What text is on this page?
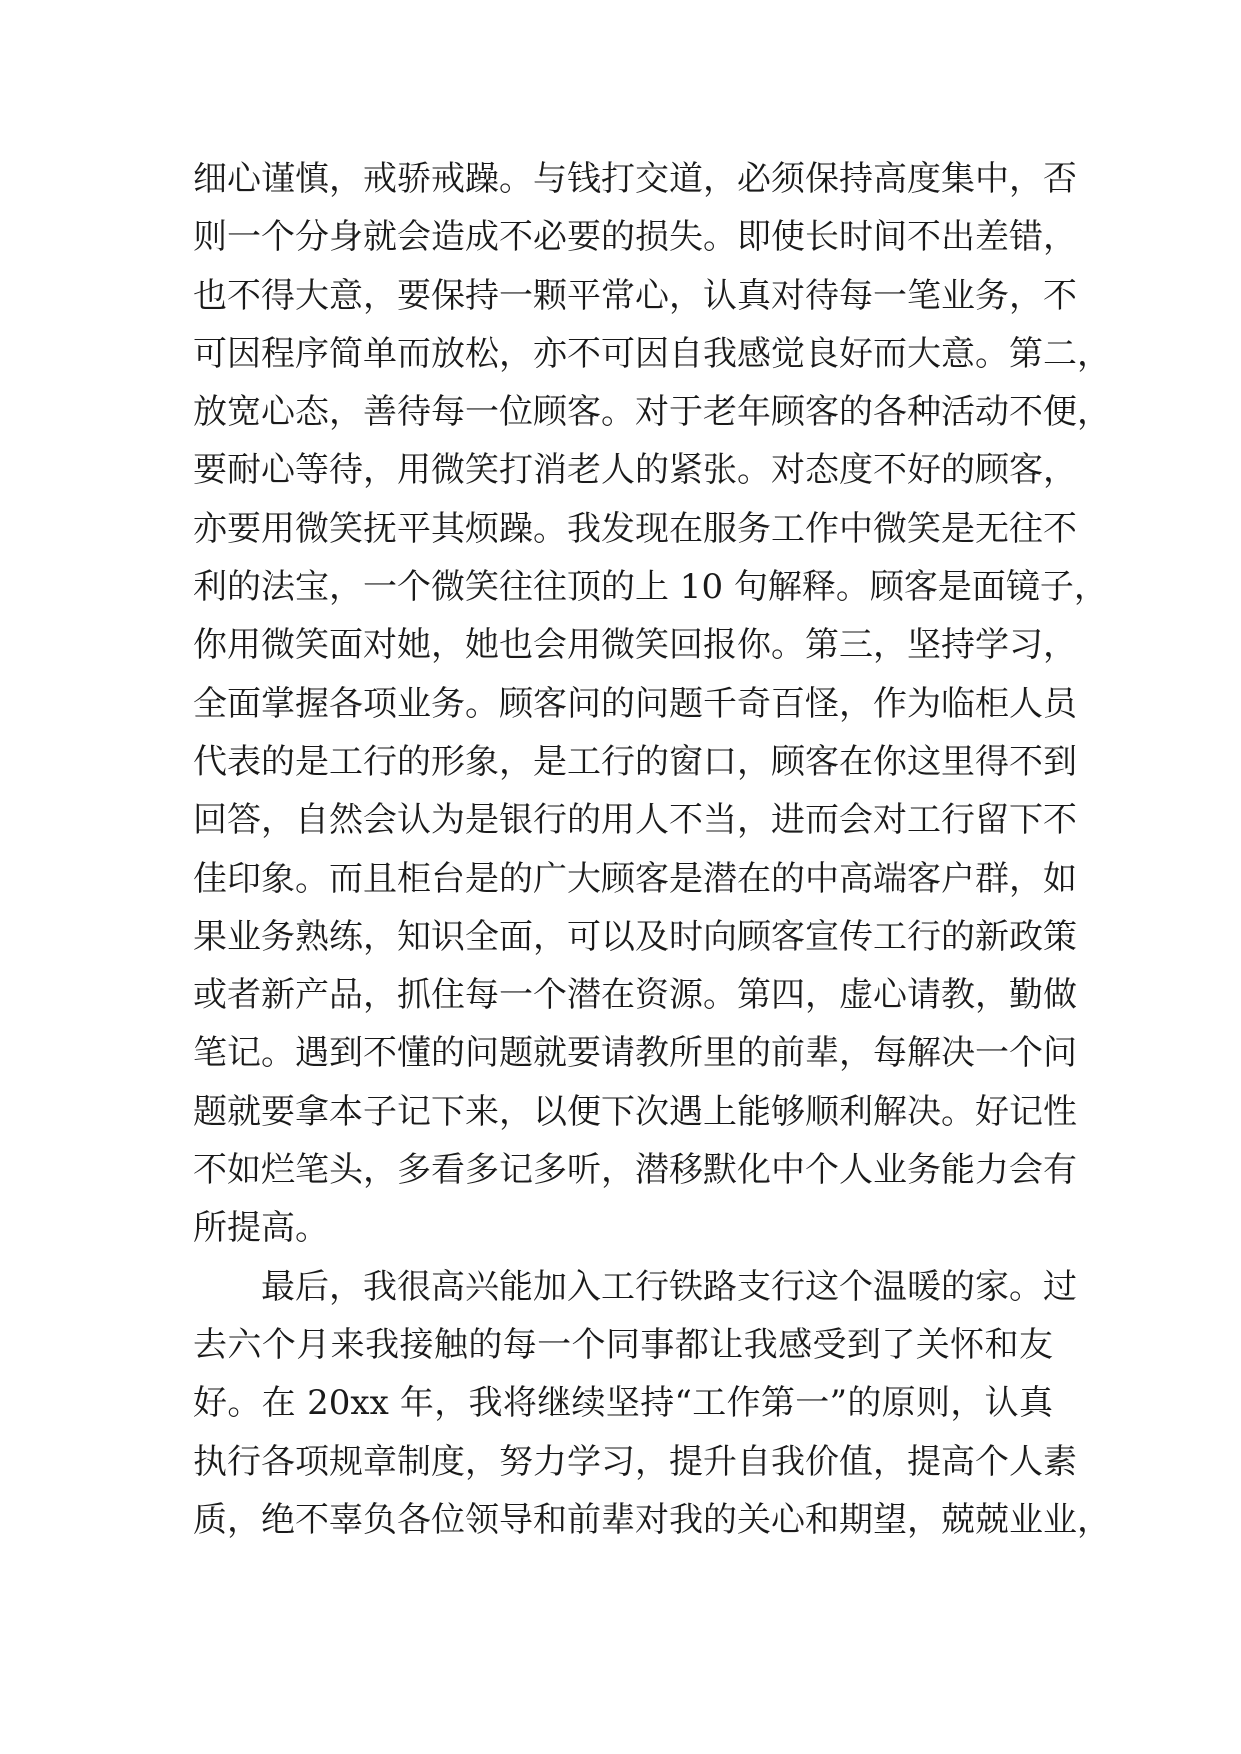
细心谨慎，戒骄戒躁。与钱打交道，必须保持高度集中，否
则一个分身就会造成不必要的损失。即使长时间不出差错，
也不得大意，要保持一颗平常心，认真对待每一笔业务，不
可因程序简单而放松，亦不可因自我感觉良好而大意。第二，
放宽心态，善待每一位顾客。对于老年顾客的各种活动不便，
要耐心等待，用微笑打消老人的紧张。对态度不好的顾客，
亦要用微笑抚平其烦躁。我发现在服务工作中微笑是无往不
利的法宝，一个微笑往往顶的上 10 句解释。顾客是面镜子，
你用微笑面对她，她也会用微笑回报你。第三，坚持学习，
全面掌握各项业务。顾客问的问题千奇百怪，作为临柜人员
代表的是工行的形象，是工行的窗口，顾客在你这里得不到
回答，自然会认为是银行的用人不当，进而会对工行留下不
佳印象。而且柜台是的广大顾客是潜在的中高端客户群，如
果业务熟练，知识全面，可以及时向顾客宣传工行的新政策
或者新产品，抓住每一个潜在资源。第四，虚心请教，勤做
笔记。遇到不懂的问题就要请教所里的前辈，每解决一个问
题就要拿本子记下来，以便下次遇上能够顺利解决。好记性
不如烂笔头，多看多记多听，潜移默化中个人业务能力会有
所提高。
最后，我很高兴能加入工行铁路支行这个温暖的家。过
去六个月来我接触的每一个同事都让我感受到了关怀和友
好。在 20xx 年，我将继续坚持“工作第一”的原则，认真
执行各项规章制度，努力学习，提升自我价值，提高个人素
质，绝不辜负各位领导和前辈对我的关心和期望，兢兢业业，
